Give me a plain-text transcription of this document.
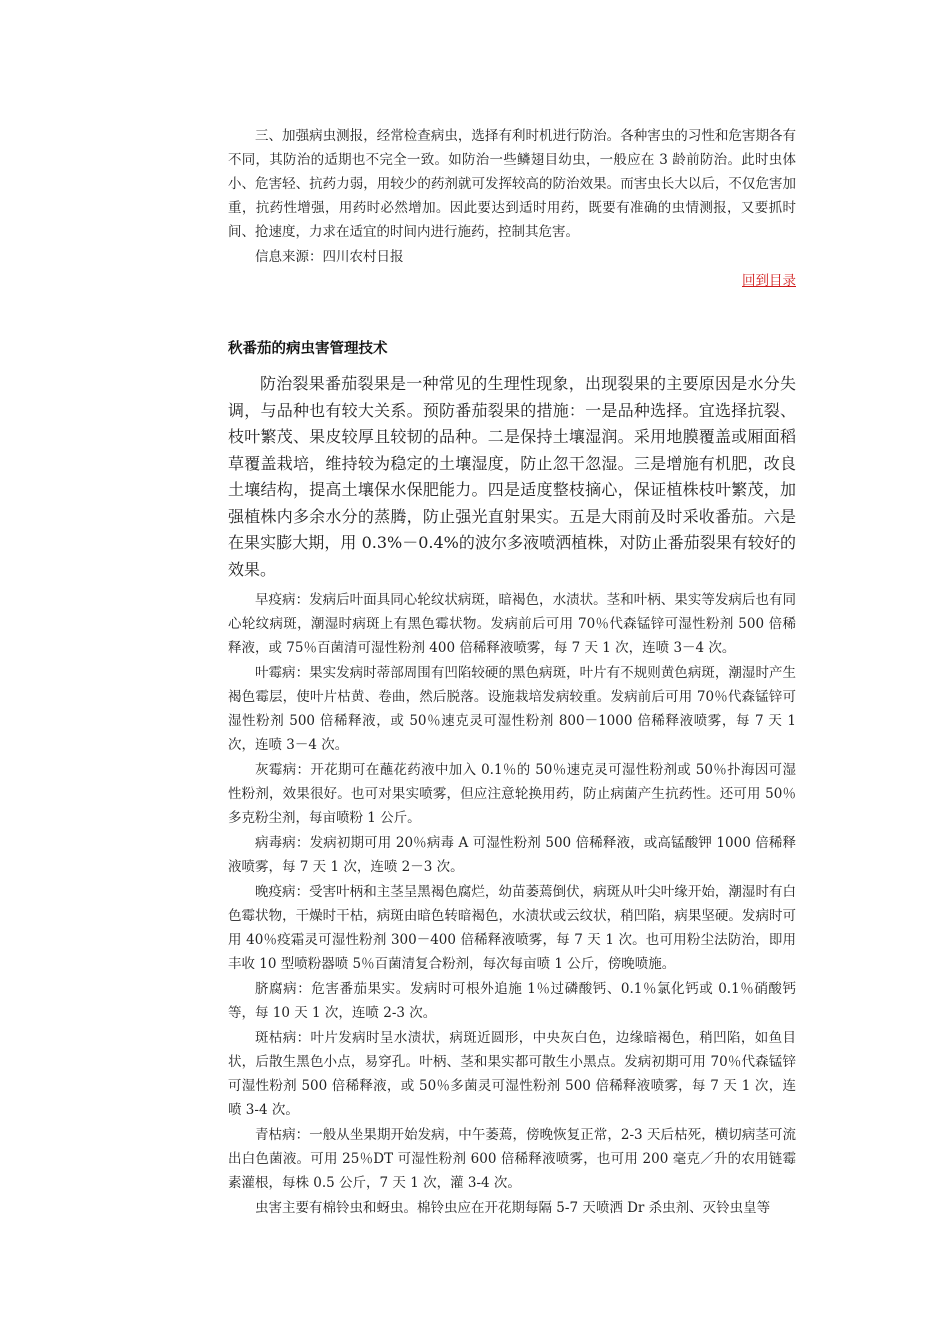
三、加强病虫测报，经常检查病虫，选择有利时机进行防治。各种害虫的习性和危害期各有不同，其防治的适期也不完全一致。如防治一些鳞翅目幼虫，一般应在 3 龄前防治。此时虫体小、危害轻、抗药力弱，用较少的药剂就可发挥较高的防治效果。而害虫长大以后，不仅危害加重，抗药性增强，用药时必然增加。因此要达到适时用药，既要有准确的虫情测报，又要抓时间、抢速度，力求在适宜的时间内进行施药，控制其危害。

信息来源：四川农村日报

回到目录
秋番茄的病虫害管理技术

防治裂果番茄裂果是一种常见的生理性现象，出现裂果的主要原因是水分失调，与品种也有较大关系。预防番茄裂果的措施：一是品种选择。宜选择抗裂、枝叶繁茂、果皮较厚且较韧的品种。二是保持土壤湿润。采用地膜覆盖或厢面稻草覆盖栽培，维持较为稳定的土壤湿度，防止忽干忽湿。三是增施有机肥，改良土壤结构，提高土壤保水保肥能力。四是适度整枝摘心，保证植株枝叶繁茂，加强植株内多余水分的蒸腾，防止强光直射果实。五是大雨前及时采收番茄。六是在果实膨大期，用 0.3%－0.4%的波尔多液喷洒植株，对防止番茄裂果有较好的效果。

早疫病：发病后叶面具同心轮纹状病斑，暗褐色，水渍状。茎和叶柄、果实等发病后也有同心轮纹病斑，潮湿时病斑上有黑色霉状物。发病前后可用 70％代森锰锌可湿性粉剂 500 倍稀释液，或 75％百菌清可湿性粉剂 400 倍稀释液喷雾，每 7 天 1 次，连喷 3－4 次。

叶霉病：果实发病时蒂部周围有凹陷较硬的黑色病斑，叶片有不规则黄色病斑，潮湿时产生褐色霉层，使叶片枯黄、卷曲，然后脱落。设施栽培发病较重。发病前后可用 70％代森锰锌可湿性粉剂 500 倍稀释液，或 50％速克灵可湿性粉剂 800－1000 倍稀释液喷雾，每 7 天 1 次，连喷 3－4 次。

灰霉病：开花期可在蘸花药液中加入 0.1％的 50％速克灵可湿性粉剂或 50％扑海因可湿性粉剂，效果很好。也可对果实喷雾，但应注意轮换用药，防止病菌产生抗药性。还可用 50％多克粉尘剂，每亩喷粉 1 公斤。

病毒病：发病初期可用 20％病毒 A 可湿性粉剂 500 倍稀释液，或高锰酸钾 1000 倍稀释液喷雾，每 7 天 1 次，连喷 2－3 次。

晚疫病：受害叶柄和主茎呈黑褐色腐烂，幼苗萎蔫倒伏，病斑从叶尖叶缘开始，潮湿时有白色霉状物，干燥时干枯，病斑由暗色转暗褐色，水渍状或云纹状，稍凹陷，病果坚硬。发病时可用 40％疫霜灵可湿性粉剂 300－400 倍稀释液喷雾，每 7 天 1 次。也可用粉尘法防治，即用丰收 10 型喷粉器喷 5％百菌清复合粉剂，每次每亩喷 1 公斤，傍晚喷施。

脐腐病：危害番茄果实。发病时可根外追施 1％过磷酸钙、0.1％氯化钙或 0.1％硝酸钙等，每 10 天 1 次，连喷 2-3 次。

斑枯病：叶片发病时呈水渍状，病斑近圆形，中央灰白色，边缘暗褐色，稍凹陷，如鱼目状，后散生黑色小点，易穿孔。叶柄、茎和果实都可散生小黑点。发病初期可用 70％代森锰锌可湿性粉剂 500 倍稀释液，或 50％多菌灵可湿性粉剂 500 倍稀释液喷雾，每 7 天 1 次，连喷 3-4 次。

青枯病：一般从坐果期开始发病，中午萎蔫，傍晚恢复正常，2-3 天后枯死，横切病茎可流出白色菌液。可用 25％DT 可湿性粉剂 600 倍稀释液喷雾，也可用 200 毫克／升的农用链霉素灌根，每株 0.5 公斤，7 天 1 次，灌 3-4 次。

虫害主要有棉铃虫和蚜虫。棉铃虫应在开花期每隔 5-7 天喷洒 Dr 杀虫剂、灭铃虫皇等
